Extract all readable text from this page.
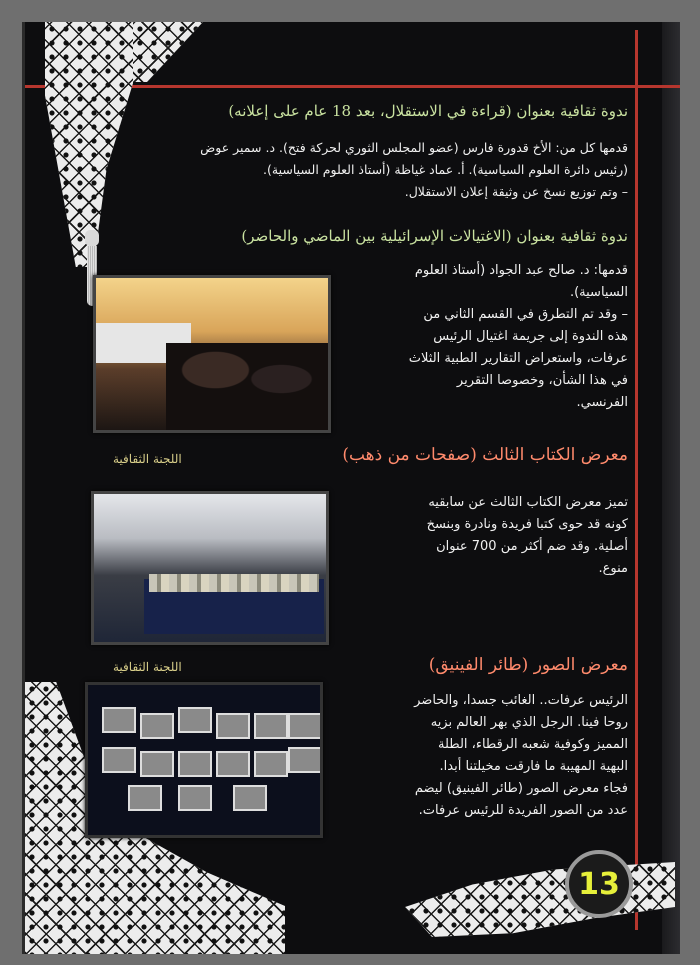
ندوة ثقافية بعنوان (قراءة في الاستقلال، بعد 18 عام على إعلانه)
قدمها كل من: الأخ قدورة فارس (عضو المجلس الثوري لحركة فتح). د. سمير عوض
(رئيس دائرة العلوم السياسية). أ. عماد غياظة (أستاذ العلوم السياسية).
– وتم توزيع نسخ عن وثيقة إعلان الاستقلال.
ندوة ثقافية بعنوان (الاغتيالات الإسرائيلية بين الماضي والحاضر)
قدمها: د. صالح عبد الجواد (أستاذ العلوم
السياسية).
– وقد تم التطرق في القسم الثاني من
هذه الندوة إلى جريمة اغتيال الرئيس
عرفات، واستعراض التقارير الطبية الثلاث
في هذا الشأن، وخصوصا التقرير
الفرنسي.
اللجنة الثقافية	معرض الكتاب الثالث (صفحات من ذهب)
تميز معرض الكتاب الثالث عن سابقيه
كونه قد حوى كتبا فريدة ونادرة وبنسخ
أصلية. وقد ضم أكثر من 700 عنوان
منوع.
اللجنة الثقافية	معرض الصور (طائر الفينيق)
الرئيس عرفات.. الغائب جسدا، والحاضر
روحا فينا. الرجل الذي بهر العالم بزيه
المميز وكوفية شعبه الرقطاء، الطلة
البهية المهيبة ما فارقت مخيلتنا أبدا.
فجاء معرض الصور (طائر الفينيق) ليضم
عدد من الصور الفريدة للرئيس عرفات.
13
